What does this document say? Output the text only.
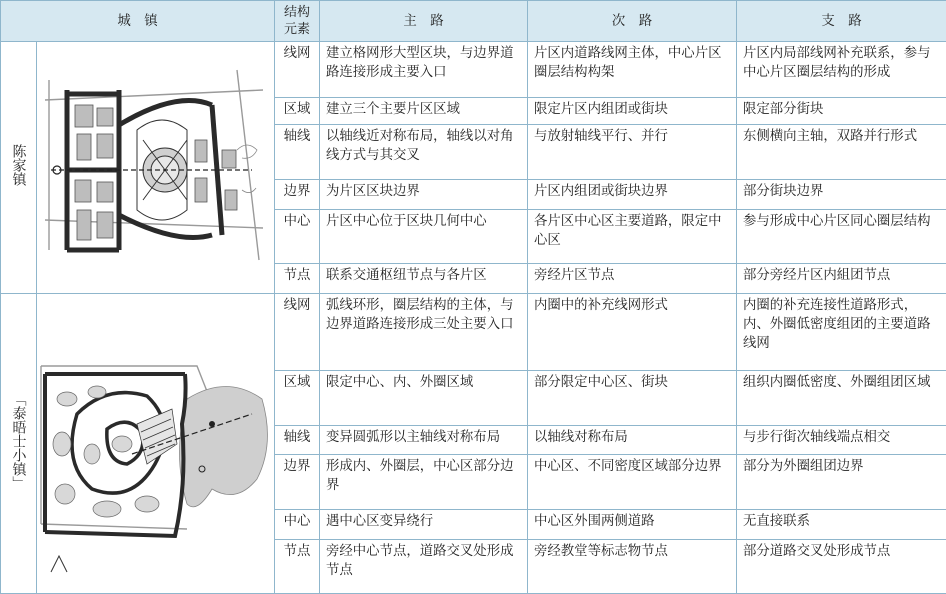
城　镇		结构元素	主　路	次　路	支　路
陈家镇		线网	建立格网形大型区块，与边界道路连接形成主要入口	片区内道路线网主体，中心片区圈层结构构架	片区内局部线网补充联系，参与中心片区圈层结构的形成
		区域	建立三个主要片区区域	限定片区内组团或街块	限定部分街块
		轴线	以轴线近对称布局，轴线以对角线方式与其交叉	与放射轴线平行、并行	东侧横向主轴，双路并行形式
		边界	为片区区块边界	片区内组团或街块边界	部分街块边界
		中心	片区中心位于区块几何中心	各片区中心区主要道路，限定中心区	参与形成中心片区同心圈层结构
		节点	联系交通枢纽节点与各片区	旁经片区节点	部分旁经片区内組团节点
「泰晤士小镇」		线网	弧线环形，圈层结构的主体，与边界道路连接形成三处主要入口	内圈中的补充线网形式	内圈的补充连接性道路形式，内、外圈低密度组团的主要道路线网
		区域	限定中心、内、外圈区域	部分限定中心区、街块	组织内圈低密度、外圈组团区域
		轴线	变异圆弧形以主轴线对称布局	以轴线对称布局	与步行街次轴线端点相交
		边界	形成内、外圈层，中心区部分边界	中心区、不同密度区域部分边界	部分为外圈组团边界
		中心	遇中心区变异绕行	中心区外围两侧道路	无直接联系
		节点	旁经中心节点，道路交叉处形成节点	旁经教堂等标志物节点	部分道路交叉处形成节点
